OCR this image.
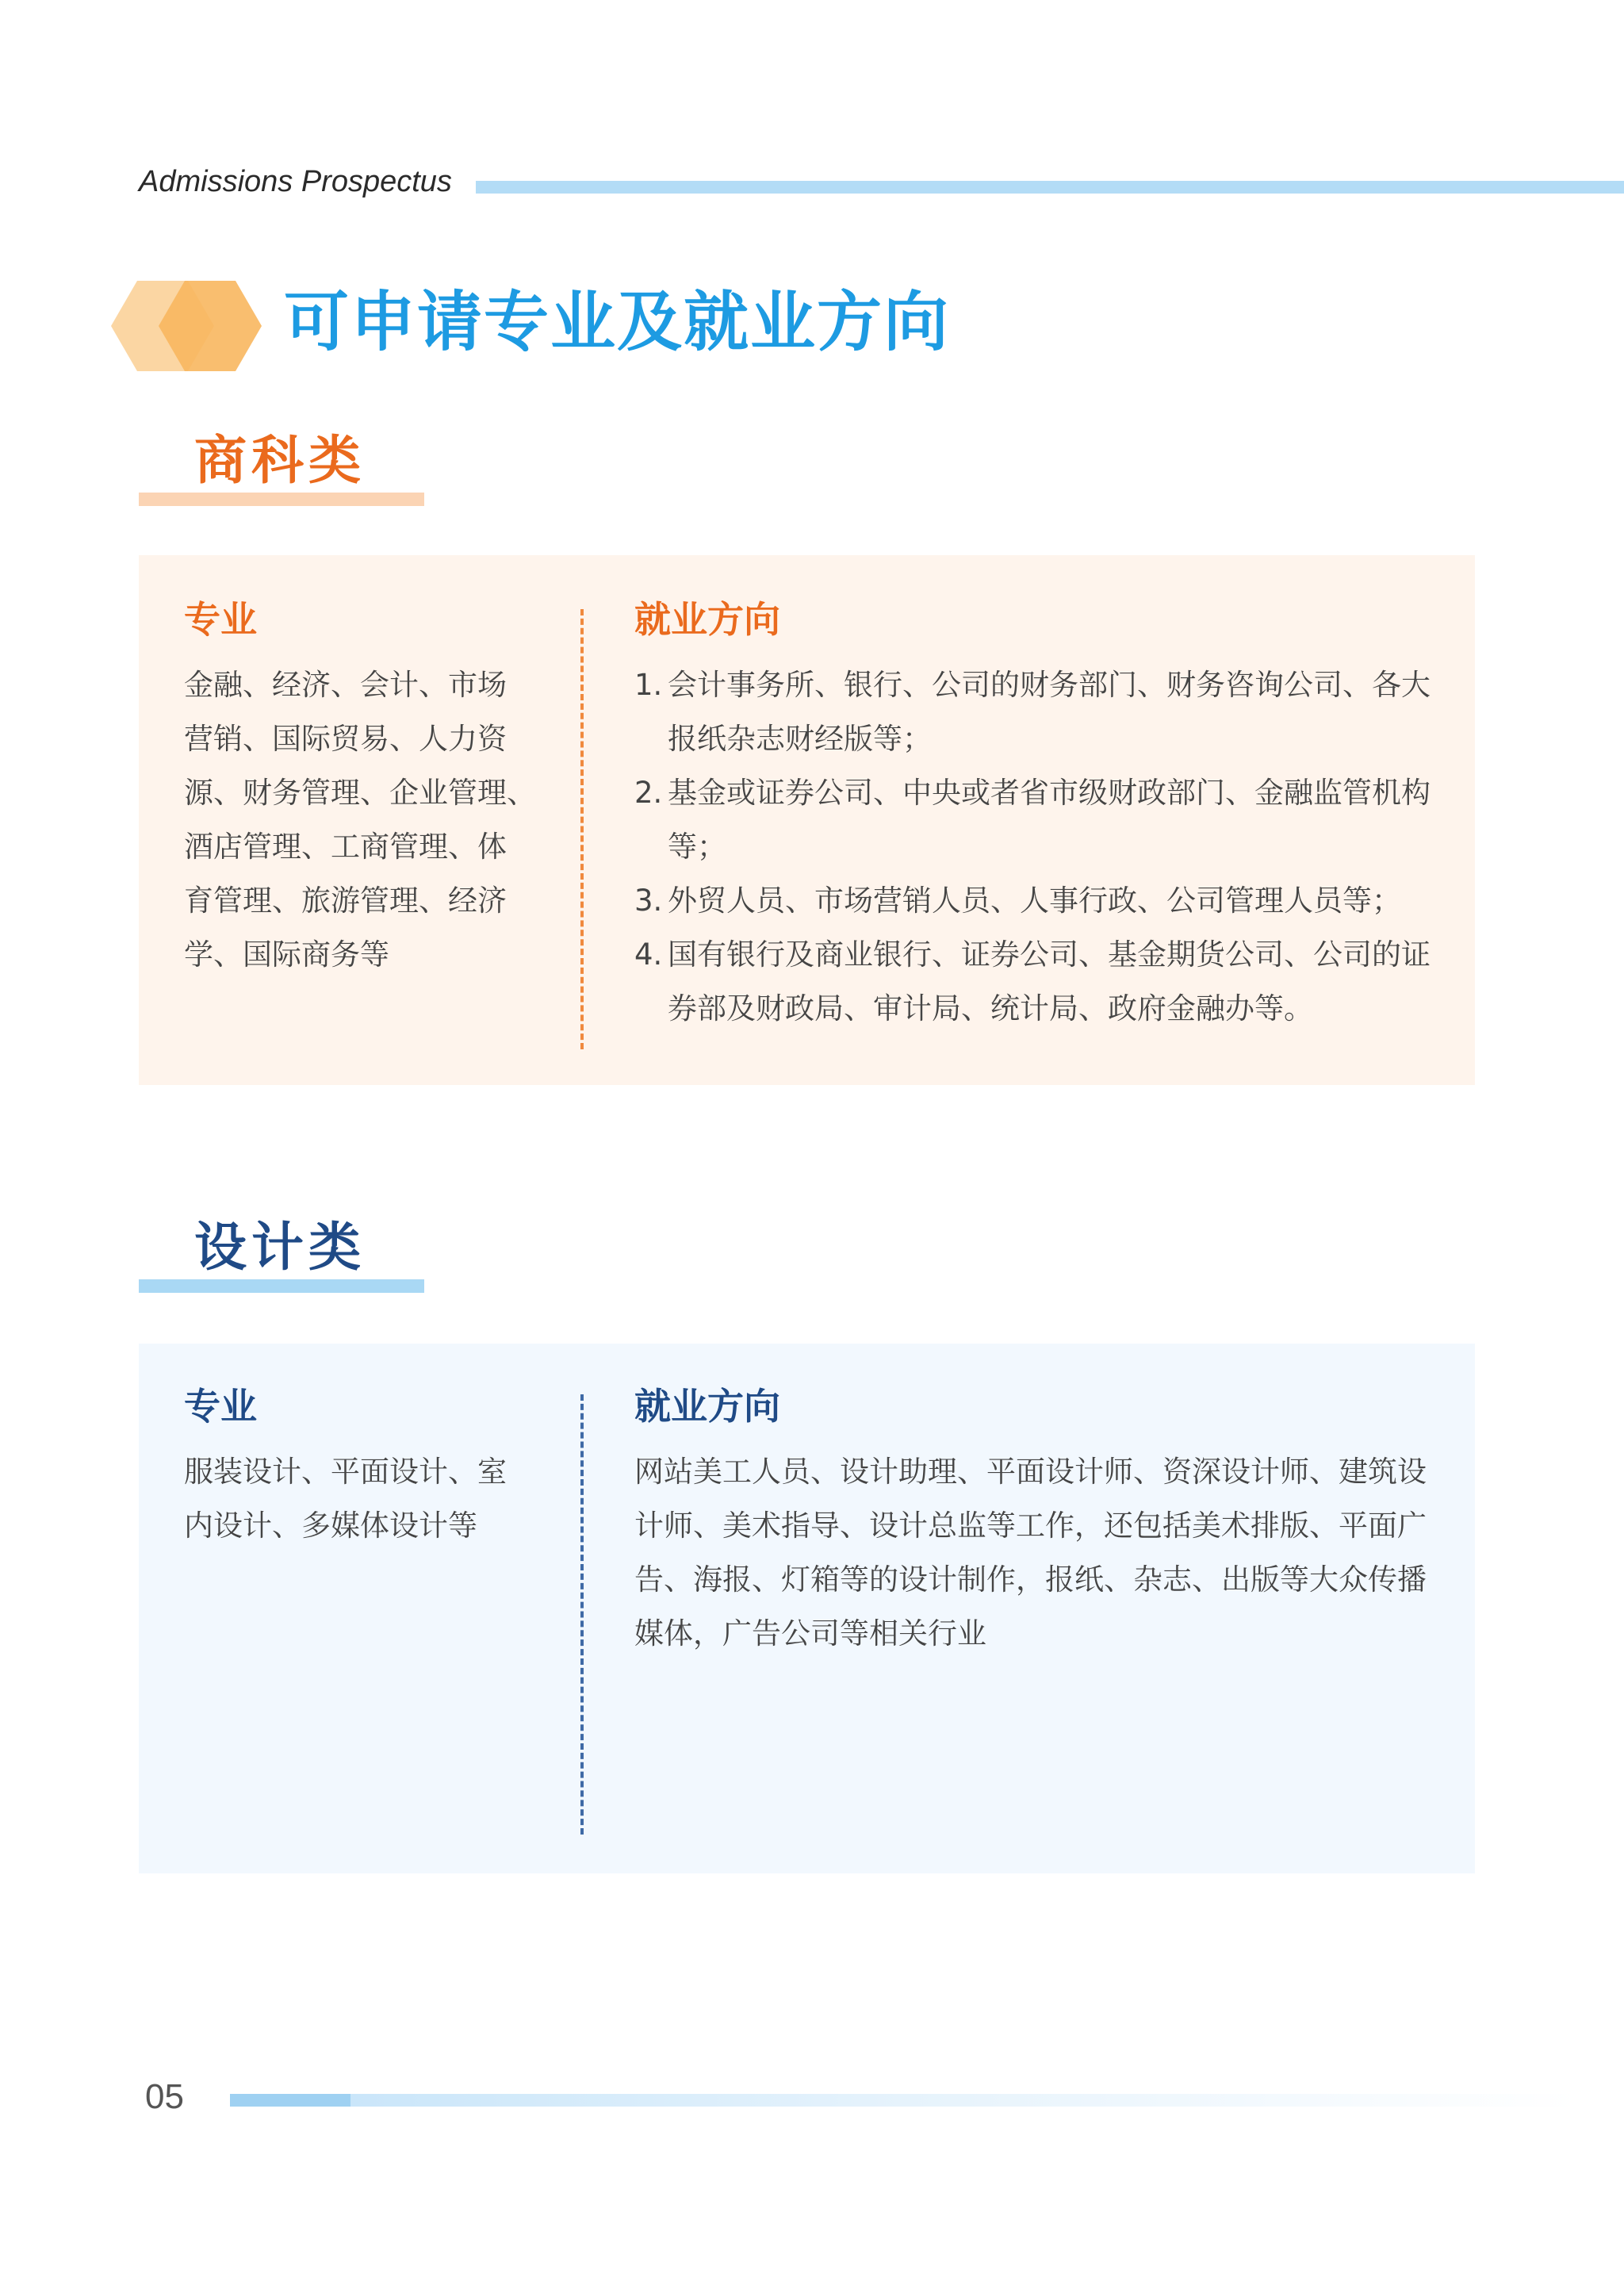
Admissions Prospectus
可申请专业及就业方向
商科类
专业
金融、经济、会计、市场
营销、国际贸易、人力资
源、财务管理、企业管理、
酒店管理、工商管理、体
育管理、旅游管理、经济
学、国际商务等
就业方向
1. 会计事务所、银行、公司的财务部门、财务咨询公司、各大报纸杂志财经版等；
2. 基金或证券公司、中央或者省市级财政部门、金融监管机构等；
3. 外贸人员、市场营销人员、人事行政、公司管理人员等；
4. 国有银行及商业银行、证券公司、基金期货公司、公司的证券部及财政局、审计局、统计局、政府金融办等。
设计类
专业
服装设计、平面设计、室
内设计、多媒体设计等
就业方向
网站美工人员、设计助理、平面设计师、资深设计师、建筑设计师、美术指导、设计总监等工作，还包括美术排版、平面广告、海报、灯箱等的设计制作，报纸、杂志、出版等大众传播媒体，广告公司等相关行业
05
